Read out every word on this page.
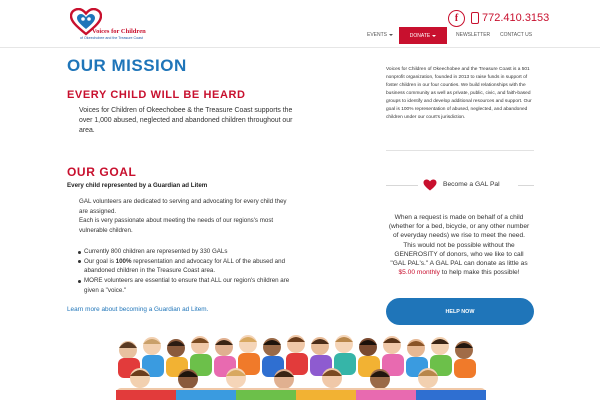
Voices for Children
of Okeechobee and the Treasure Coast
f 772.410.3153
EVENTS	DONATE	NEWSLETTER CONTACT US
OUR MISSION
EVERY CHILD WILL BE HEARD
Voices for Children of Okeechobee & the Treasure Coast supports the over 1,000 abused, neglected and abandoned children throughout our area.
OUR GOAL
Every child represented by a Guardian ad Litem
GAL volunteers are dedicated to serving and advocating for every child they are assigned.
Each is very passionate about meeting the needs of our regions's most vulnerable children.
Currently 800 children are represented by 330 GALs
Our goal is 100% representation and advocacy for ALL of the abused and abandoned children in the Treasure Coast area.
MORE volunteers are essential to ensure that ALL our region's children are given a "voice."
Learn more about becoming a Guardian ad Litem.
Voices for Children of Okeechobee and the Treasure Coast is a 501 nonprofit organization, founded in 2013 to raise funds in support of foster children in our four counties. We build relationships with the business community as well as private, public, civic, and faith-based groups to identify and develop additional resources and support. Our goal is 100% representation of abused, neglected, and abandoned children under our court's jurisdiction.
Become a GAL Pal
When a request is made on behalf of a child (whether for a bed, bicycle, or any other number of everyday needs) we rise to meet the need. This would not be possible without the GENEROSITY of donors, who we like to call "GAL PAL's." A GAL PAL can donate as little as $5.00 monthly to help make this possible!
HELP NOW
